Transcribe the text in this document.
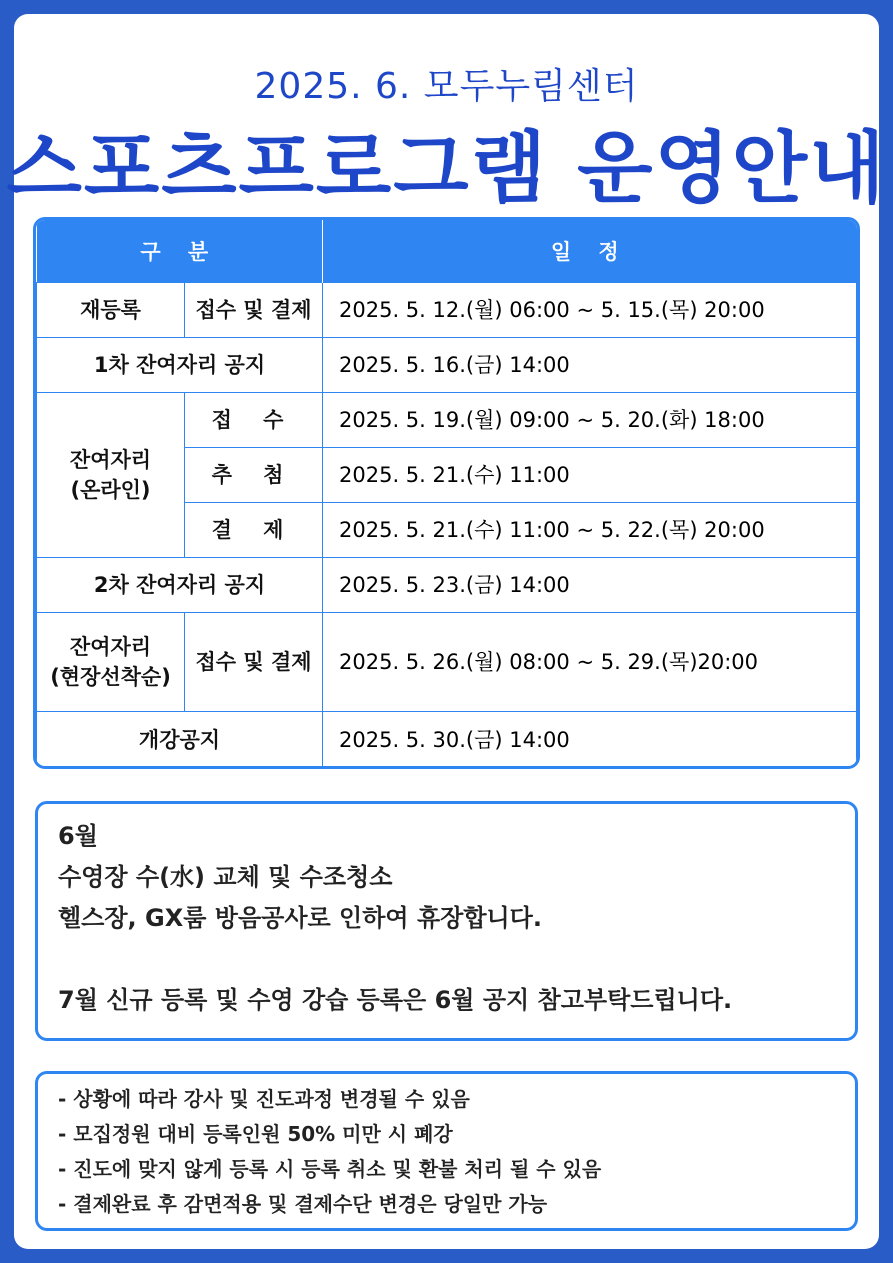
2025. 6. 모두누림센터
스포츠프로그램 운영안내
구 분		일 정
재등록	접수 및 결제	2025. 5. 12.(월) 06:00 ~ 5. 15.(목) 20:00
1차 잔여자리 공지		2025. 5. 16.(금) 14:00

잔여자리
(온라인)	접 수	2025. 5. 19.(월) 09:00 ~ 5. 20.(화) 18:00
	추 첨	2025. 5. 21.(수) 11:00
	결 제	2025. 5. 21.(수) 11:00 ~ 5. 22.(목) 20:00
2차 잔여자리 공지		2025. 5. 23.(금) 14:00

잔여자리
(현장선착순)	접수 및 결제	2025. 5. 26.(월) 08:00 ~ 5. 29.(목)20:00
개강공지		2025. 5. 30.(금) 14:00

6월

수영장 수(水) 교체 및 수조청소

헬스장, GX룸 방음공사로 인하여 휴장합니다.

7월 신규 등록 및 수영 강습 등록은 6월 공지 참고부탁드립니다.

- 상황에 따라 강사 및 진도과정 변경될 수 있음

- 모집정원 대비 등록인원 50% 미만 시 폐강

- 진도에 맞지 않게 등록 시 등록 취소 및 환불 처리 될 수 있음

- 결제완료 후 감면적용 및 결제수단 변경은 당일만 가능
